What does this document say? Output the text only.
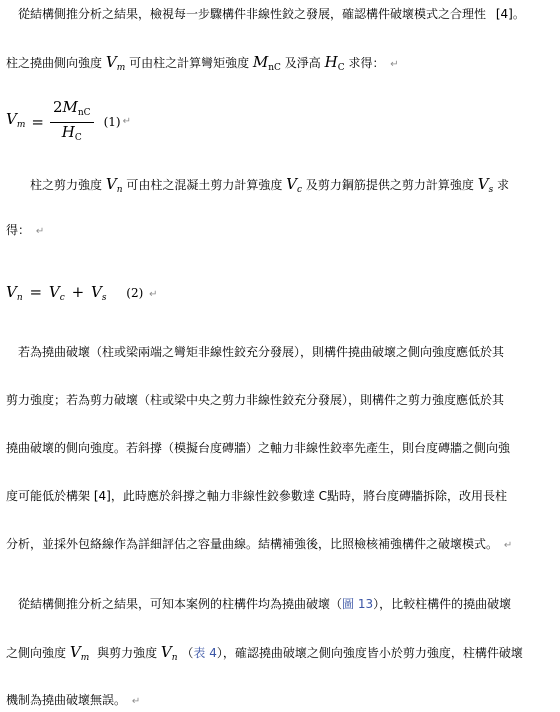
從結構側推分析之結果，檢視每一步驟構件非線性鉸之發展，確認構件破壞模式之合理性 [4]。
柱之撓曲側向強度 $V_m$ 可由柱之計算彎矩強度 $M_{nC}$ 及淨高 $H_C$ 求得： ↵
$V_m = \frac{2M_{nC}}{H_C} (1)$ ↵
柱之剪力強度 $V_n$ 可由柱之混凝土剪力計算強度 $V_c$ 及剪力鋼筋提供之剪力計算強度 $V_s$ 求
得： ↵
$V_n = V_c + V_s$ (2) ↵
若為撓曲破壞（柱或梁兩端之彎矩非線性鉸充分發展），則構件撓曲破壞之側向強度應低於其
剪力強度；若為剪力破壞（柱或梁中央之剪力非線性鉸充分發展），則構件之剪力強度應低於其
撓曲破壞的側向強度。若斜撐（模擬台度磚牆）之軸力非線性鉸率先產生，則台度磚牆之側向強
度可能低於構架 [4]，此時應於斜撐之軸力非線性鉸參數達 C點時，將台度磚牆拆除，改用長柱
分析，並採外包絡線作為詳細評估之容量曲線。結構補強後，比照檢核補強構件之破壞模式。 ↵
從結構側推分析之結果，可知本案例的柱構件均為撓曲破壞（圖 13），比較柱構件的撓曲破壞
之側向強度 $V_m$ 與剪力強度 $V_n$ （表 4），確認撓曲破壞之側向強度皆小於剪力強度，柱構件破壞
機制為撓曲破壞無誤。 ↵
